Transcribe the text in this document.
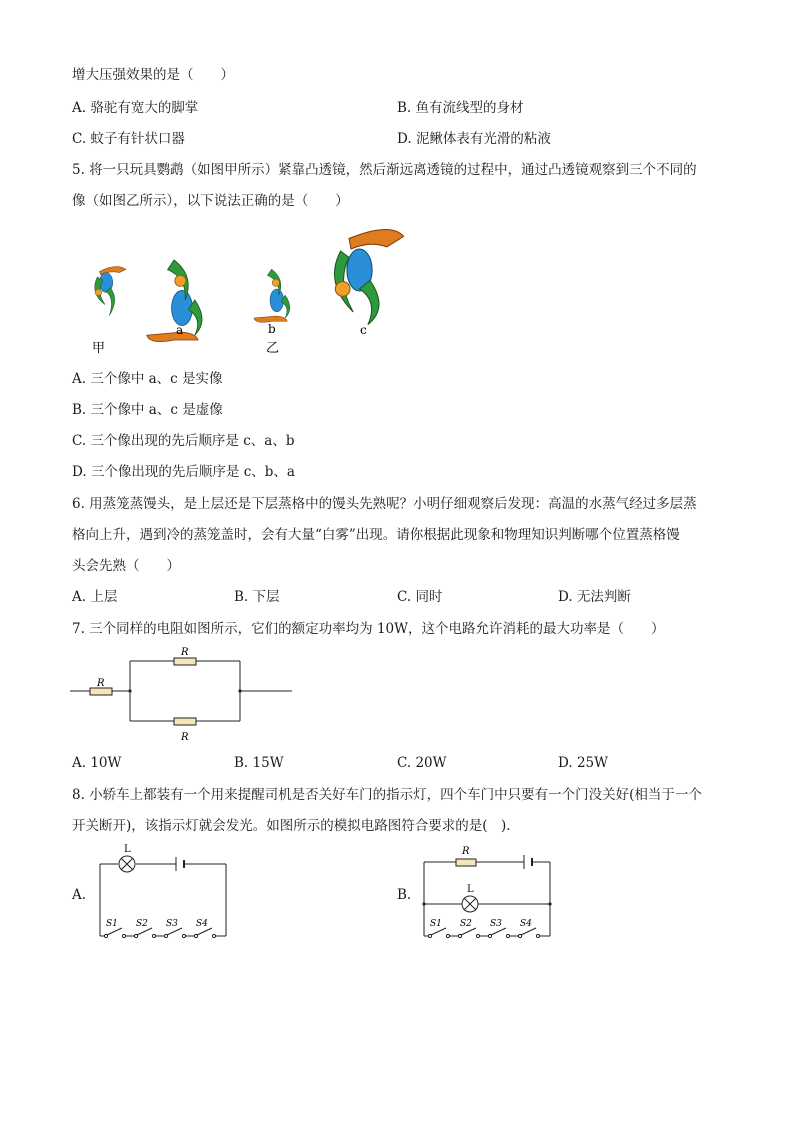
增大压强效果的是（　　）
A. 骆驼有宽大的脚掌	B. 鱼有流线型的身材
C. 蚊子有针状口器	D. 泥鳅体表有光滑的粘液
5. 将一只玩具鹦鹉（如图甲所示）紧靠凸透镜，然后渐远离透镜的过程中，通过凸透镜观察到三个不同的
像（如图乙所示），以下说法正确的是（　　）
a	b	c
甲	乙
A. 三个像中 a、c 是实像
B. 三个像中 a、c 是虚像
C. 三个像出现的先后顺序是 c、a、b
D. 三个像出现的先后顺序是 c、b、a
6. 用蒸笼蒸馒头，是上层还是下层蒸格中的馒头先熟呢？小明仔细观察后发现：高温的水蒸气经过多层蒸
格向上升，遇到冷的蒸笼盖时，会有大量“白雾”出现。请你根据此现象和物理知识判断哪个位置蒸格馒
头会先熟（　　）
A. 上层	B. 下层	C. 同时	D. 无法判断
7. 三个同样的电阻如图所示，它们的额定功率均为 10W，这个电路允许消耗的最大功率是（　　）
R
R
R
A. 10W	B. 15W	C. 20W	D. 25W
8. 小轿车上都装有一个用来提醒司机是否关好车门的指示灯，四个车门中只要有一个门没关好(相当于一个
开关断开)，该指示灯就会发光。如图所示的模拟电路图符合要求的是(　).
A.
L
S1 S2 S3 S4
B.
R
L
S1 S2 S3 S4
